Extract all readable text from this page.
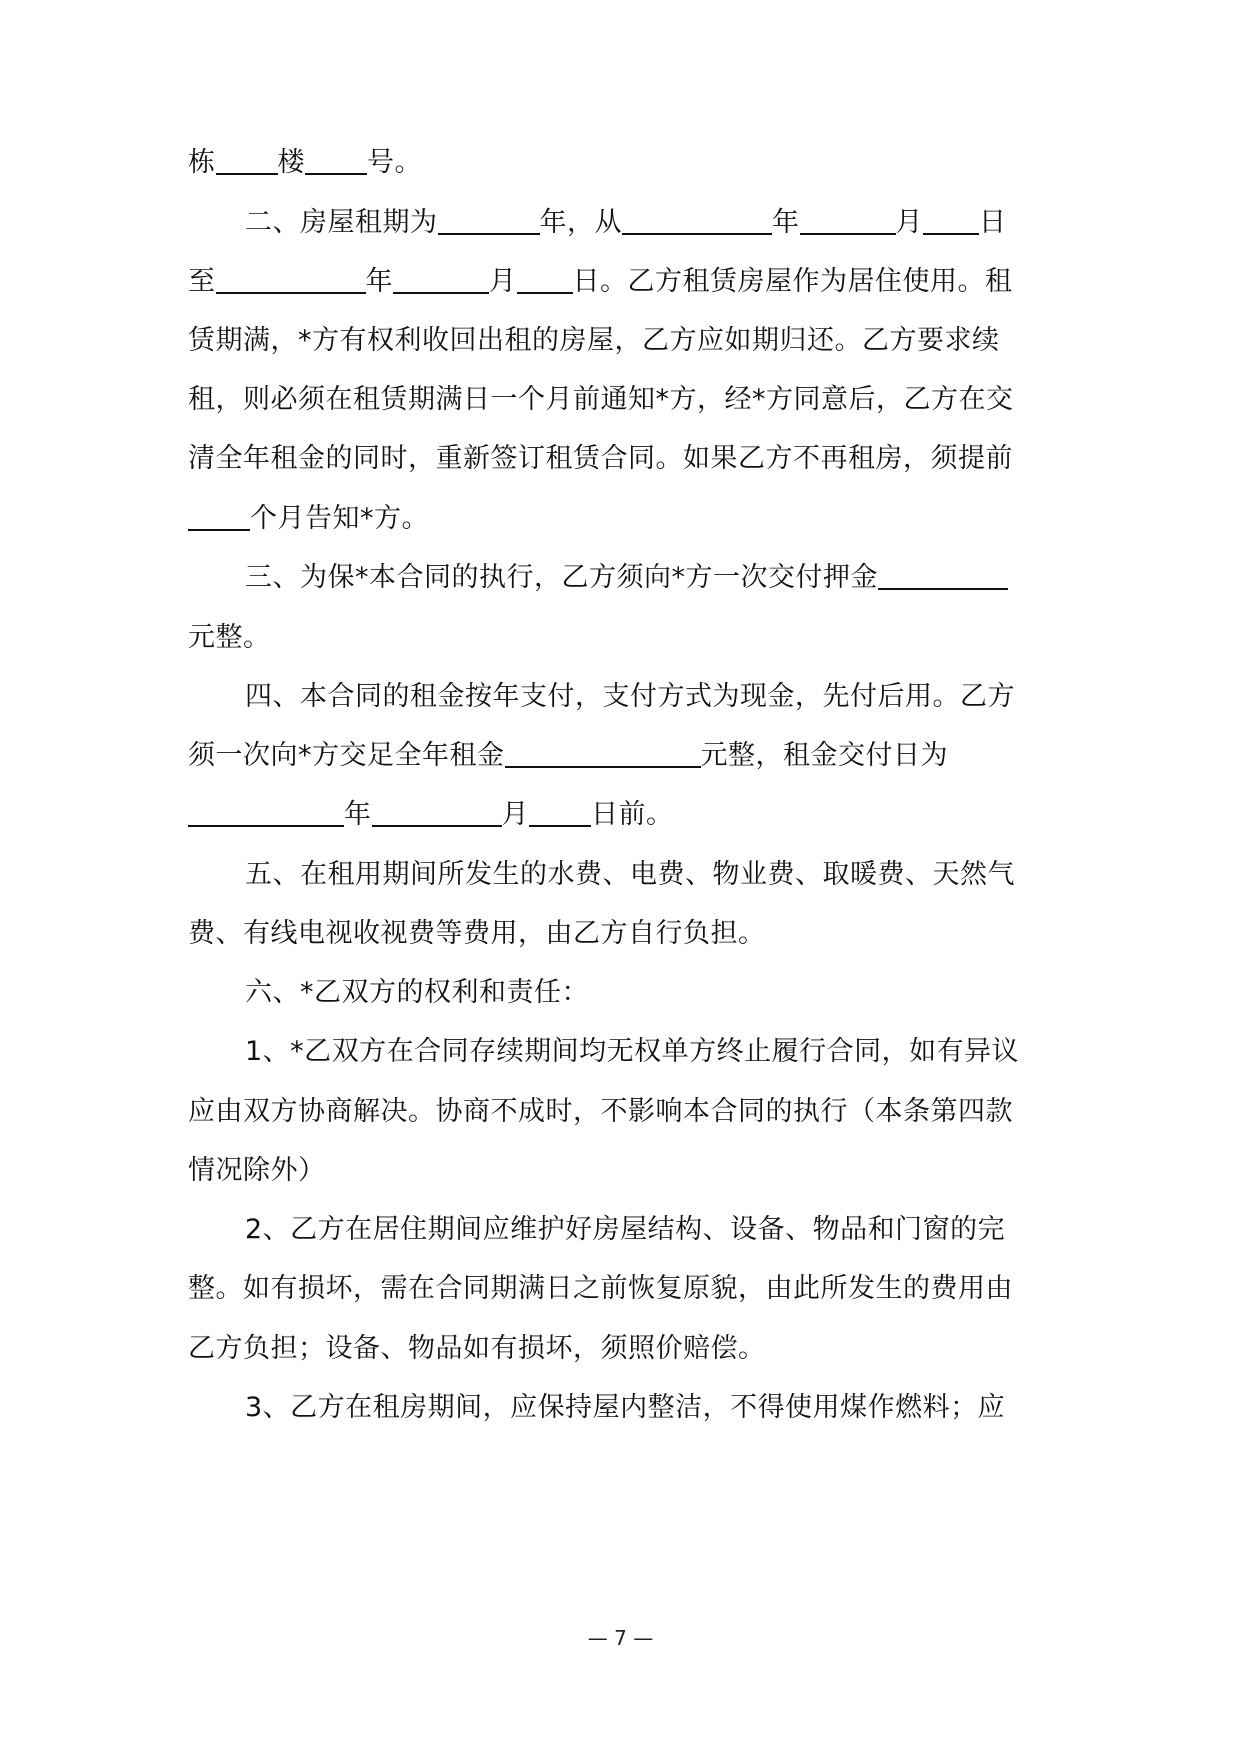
栋 楼 号。
二、房屋租期为	年，从	年	月 日
至	年	月 日。乙方租赁房屋作为居住使用。租
赁期满，*方有权利收回出租的房屋，乙方应如期归还。乙方要求续
租，则必须在租赁期满日一个月前通知*方，经*方同意后，乙方在交
清全年租金的同时，重新签订租赁合同。如果乙方不再租房，须提前
个月告知*方。
三、为保*本合同的执行，乙方须向*方一次交付押金
元整。
四、本合同的租金按年支付，支付方式为现金，先付后用。乙方
须一次向*方交足全年租金	元整，租金交付日为
年	月 日前。
五、在租用期间所发生的水费、电费、物业费、取暖费、天然气
费、有线电视收视费等费用，由乙方自行负担。
六、*乙双方的权利和责任：
1、*乙双方在合同存续期间均无权单方终止履行合同，如有异议
应由双方协商解决。协商不成时，不影响本合同的执行（本条第四款
情况除外）
2、乙方在居住期间应维护好房屋结构、设备、物品和门窗的完
整。如有损坏，需在合同期满日之前恢复原貌，由此所发生的费用由
乙方负担；设备、物品如有损坏，须照价赔偿。
3、乙方在租房期间，应保持屋内整洁，不得使用煤作燃料；应
— 7 —
